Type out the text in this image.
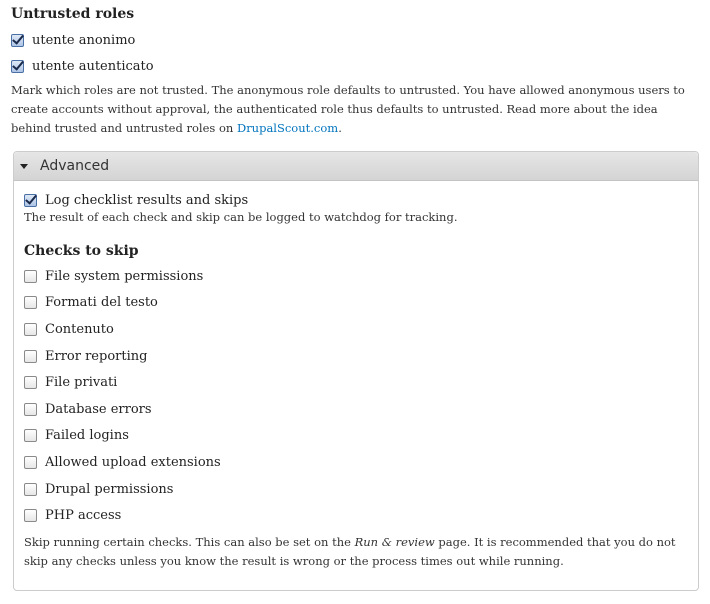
Untrusted roles
utente anonimo
utente autenticato
Mark which roles are not trusted. The anonymous role defaults to untrusted. You have allowed anonymous users to create accounts without approval, the authenticated role thus defaults to untrusted. Read more about the idea behind trusted and untrusted roles on DrupalScout.com.
Advanced
Log checklist results and skips
The result of each check and skip can be logged to watchdog for tracking.
Checks to skip
File system permissions
Formati del testo
Contenuto
Error reporting
File privati
Database errors
Failed logins
Allowed upload extensions
Drupal permissions
PHP access
Skip running certain checks. This can also be set on the Run & review page. It is recommended that you do not skip any checks unless you know the result is wrong or the process times out while running.
